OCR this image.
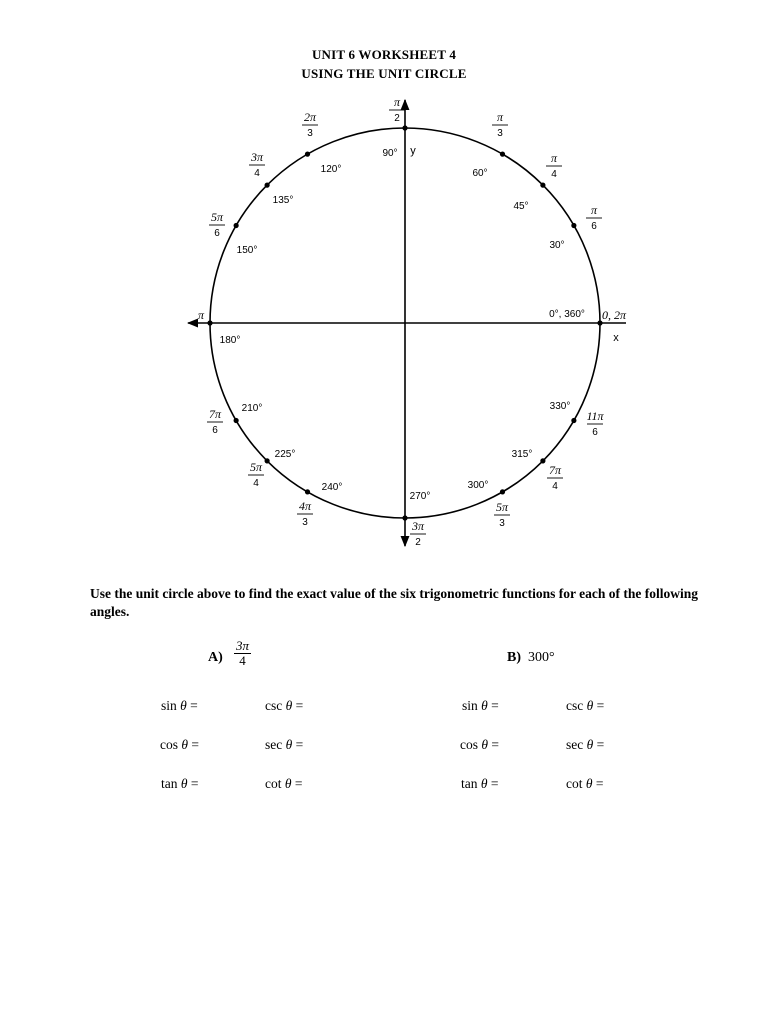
UNIT 6 WORKSHEET 4
USING THE UNIT CIRCLE
x
y
0°, 360° 0, 2π
30°
π
6
45°
π
4
60°
π
3
90°
π
2
120°
2π
3
135°
3π
4
150°
5π
6
180°
π
210°
7π
6
225°
5π
4	240°
4π
3
270°
3π
2
300°
5π
3
315°
7π
4
330°
11π
6
Use the unit circle above to find the exact value of the six trigonometric functions for each of the following angles.
$A) \frac{3\pi}{4}$	B) 300°
sin θ =	csc θ =
cos θ =	sec θ =
tan θ =	cot θ =
sin θ =	csc θ =
cos θ =	sec θ =
tan θ =	cot θ =
